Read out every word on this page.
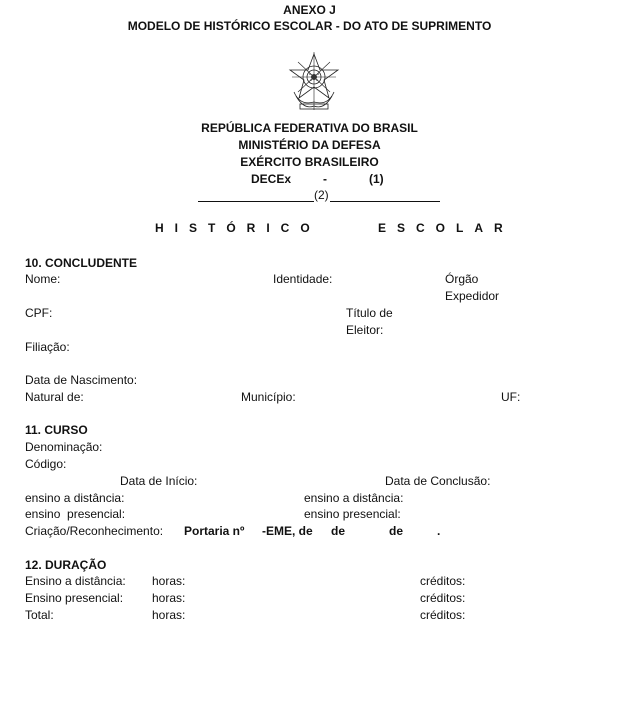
ANEXO J
MODELO DE HISTÓRICO ESCOLAR - DO ATO DE SUPRIMENTO
REPÚBLICA FEDERATIVA DO BRASIL
MINISTÉRIO DA DEFESA
EXÉRCITO BRASILEIRO
DECEx	-	(1)
(2)
HISTÓRICO    ESCOLAR
10. CONCLUDENTE
Nome:	Identidade:	Órgão
Expedidor
CPF:	Título de
Eleitor:
Filiação:
Data de Nascimento:
Natural de:	Município:	UF:
11. CURSO
Denominação:
Código:
Data de Início:	Data de Conclusão:
ensino a distância:	ensino a distância:
ensino  presencial:	ensino presencial:
Criação/Reconhecimento: Portaria nº -EME, de de	de	.
12. DURAÇÃO
Ensino a distância: horas:	créditos:
Ensino presencial: horas:	créditos:
Total:	horas:	créditos:
